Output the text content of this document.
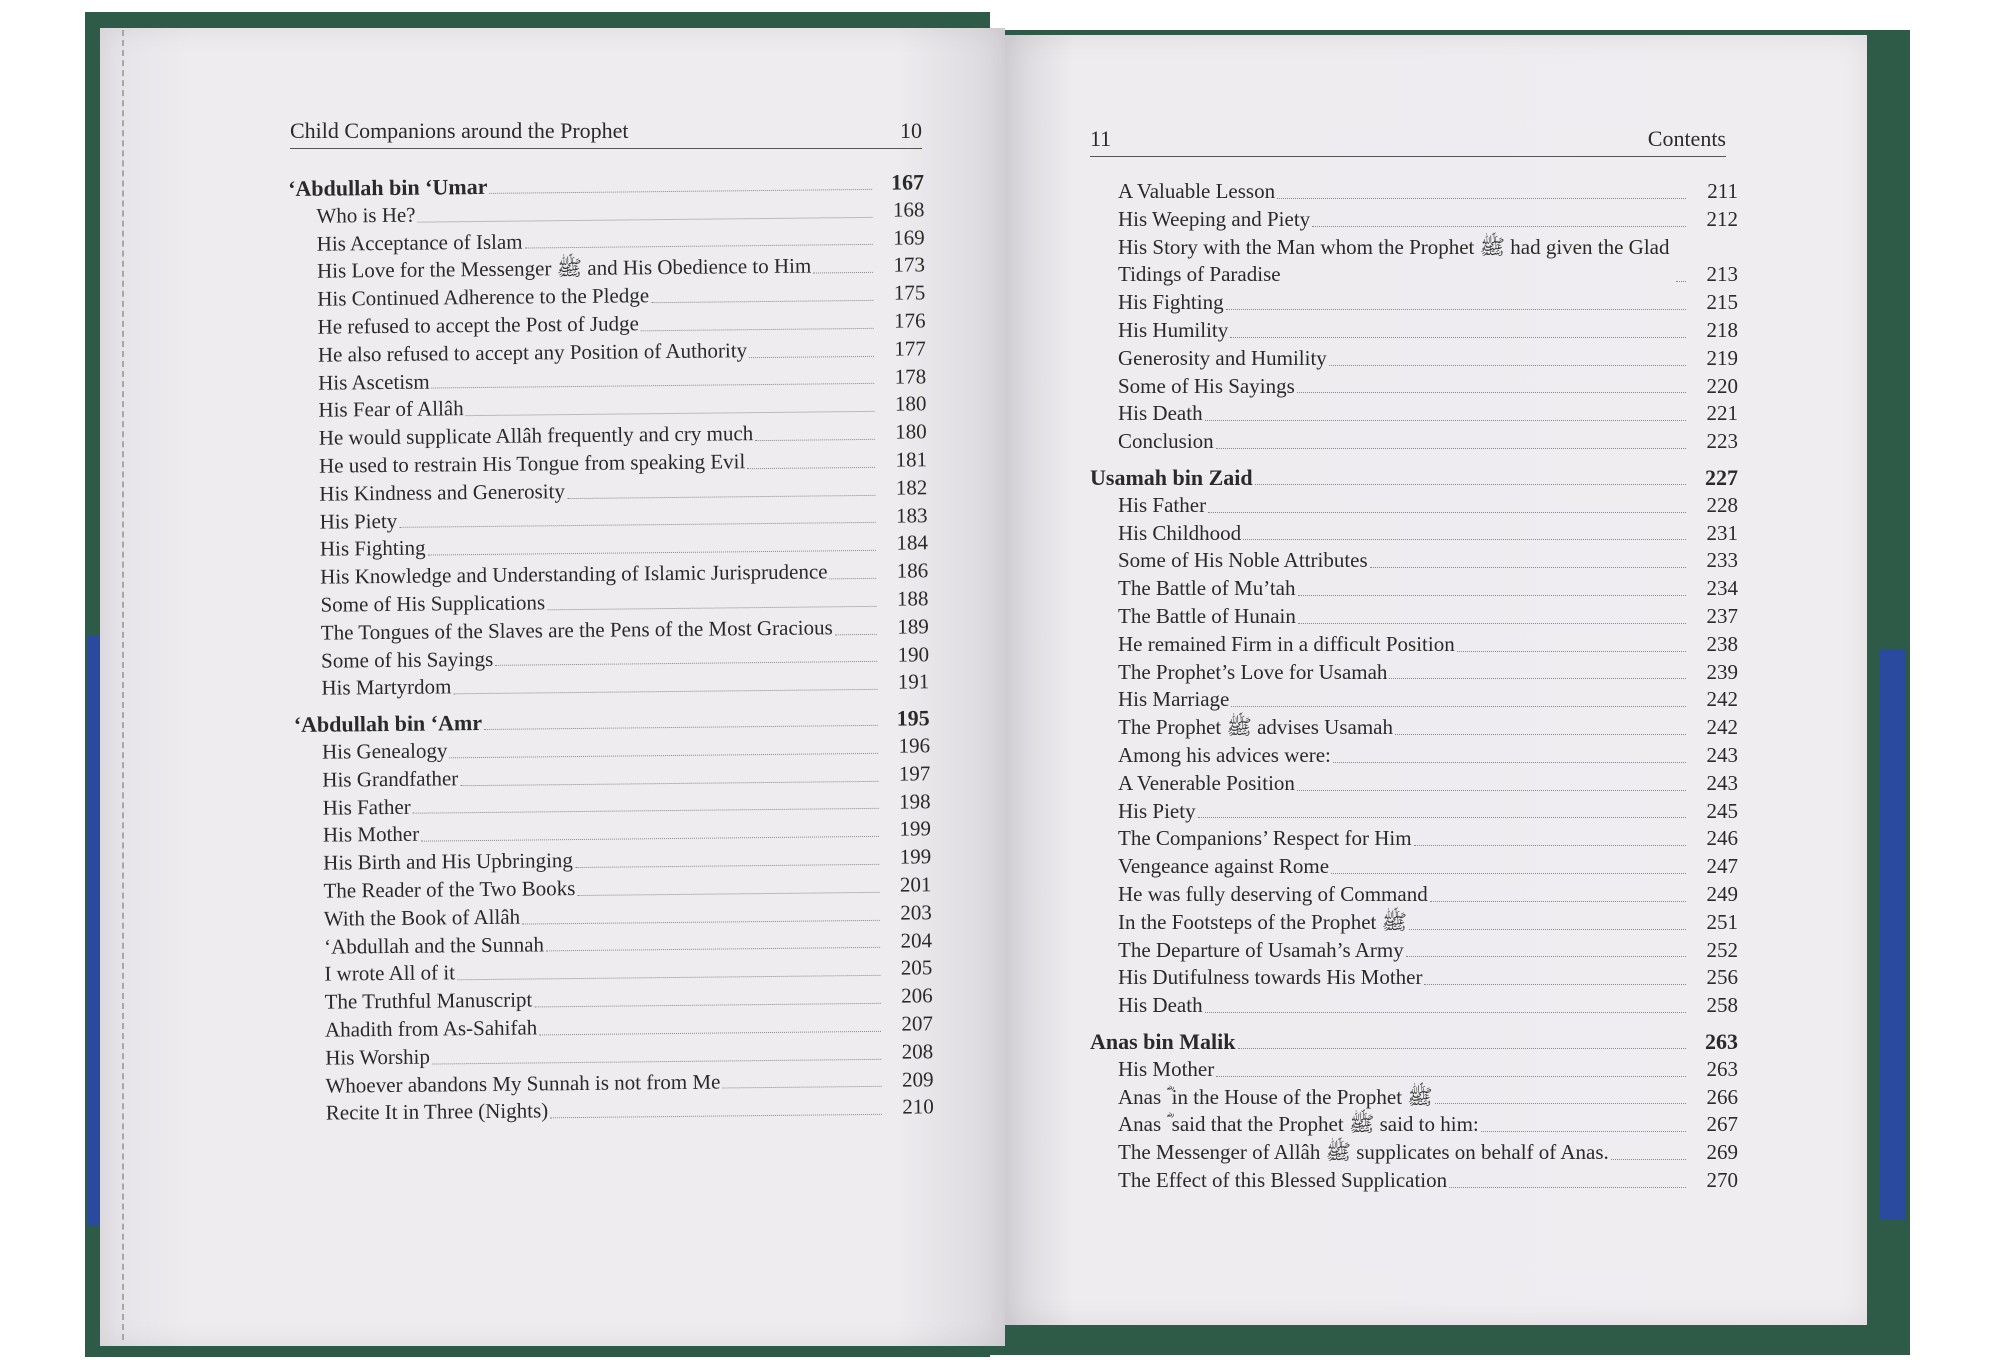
Child Companions around the Prophet	10	11	Contents
‘Abdullah bin ‘Umar	167
Who is He?	168
His Acceptance of Islam	169
His Love for the Messenger ﷺ and His Obedience to Him	173
His Continued Adherence to the Pledge	175
He refused to accept the Post of Judge	176
He also refused to accept any Position of Authority	177
His Ascetism	178
His Fear of Allâh	180
He would supplicate Allâh frequently and cry much	180
He used to restrain His Tongue from speaking Evil	181
His Kindness and Generosity	182
His Piety	183
His Fighting	184
His Knowledge and Understanding of Islamic Jurisprudence	186
Some of His Supplications	188
The Tongues of the Slaves are the Pens of the Most Gracious	189
Some of his Sayings	190
His Martyrdom	191
‘Abdullah bin ‘Amr	195
His Genealogy	196
His Grandfather	197
His Father	198
His Mother	199
His Birth and His Upbringing	199
The Reader of the Two Books	201
With the Book of Allâh	203
‘Abdullah and the Sunnah	204
I wrote All of it	205
The Truthful Manuscript	206
Ahadith from As-Sahifah	207
His Worship	208
Whoever abandons My Sunnah is not from Me	209
Recite It in Three (Nights)	210
A Valuable Lesson	211
His Weeping and Piety	212
His Story with the Man whom the Prophet ﷺ had given the Glad Tidings of Paradise	213
His Fighting	215
His Humility	218
Generosity and Humility	219
Some of His Sayings	220
His Death	221
Conclusion	223
Usamah bin Zaid	227
His Father	228
His Childhood	231
Some of His Noble Attributes	233
The Battle of Mu’tah	234
The Battle of Hunain	237
He remained Firm in a difficult Position	238
The Prophet’s Love for Usamah	239
His Marriage	242
The Prophet ﷺ advises Usamah	242
Among his advices were:	243
A Venerable Position	243
His Piety	245
The Companions’ Respect for Him	246
Vengeance against Rome	247
He was fully deserving of Command	249
In the Footsteps of the Prophet ﷺ	251
The Departure of Usamah’s Army	252
His Dutifulness towards His Mother	256
His Death	258
Anas bin Malik	263
His Mother	263
Anas ؓ in the House of the Prophet ﷺ	266
Anas ؓ said that the Prophet ﷺ said to him:	267
The Messenger of Allâh ﷺ supplicates on behalf of Anas.	269
The Effect of this Blessed Supplication	270
